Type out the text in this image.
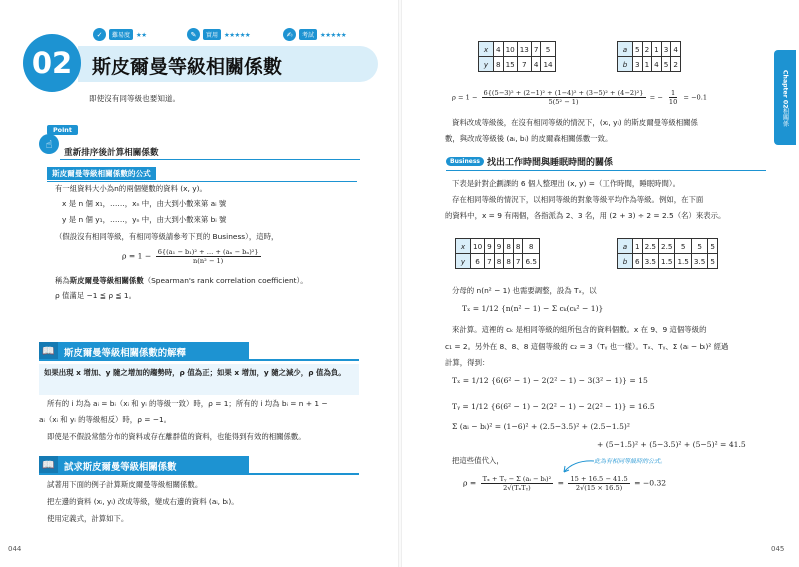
✓	難易度 ★★	✎	實用 ★★★★★	✍	考試 ★★★★★
斯皮爾曼等級相關係數
02
即使沒有同等級也要知道。
Point
☝
重新排序後計算相關係數
斯皮爾曼等級相關係數的公式
有一組資料大小為n的兩個變數的資料 (x, y)。
x 是 n 個 x₁，……，xₙ 中，由大到小數來第 aᵢ 號
y 是 n 個 y₁，……，yₙ 中，由大到小數來第 bᵢ 號
（假設沒有相同等級，有相同等級請參考下頁的 Business），這時，
$\rho = 1 - \frac{\text{6\{(a₁ − b₁)² + … + (aₙ − bₙ)²\}}}{\text{n(n² − 1)}}$
稱為斯皮爾曼等級相關係數（Spearman's rank correlation coefficient）。
ρ 值滿足 −1 ≦ ρ ≦ 1。
📖 斯皮爾曼等級相關係數的解釋
如果出現 x 增加、y 隨之增加的趨勢時，ρ 值為正；如果 x 增加，y 隨之減少，ρ 值為負。
所有的 i 均為 aᵢ = bᵢ（xᵢ 和 yᵢ 的等級一致）時，ρ = 1；所有的 i 均為 bᵢ = n + 1 −
aᵢ（xᵢ 和 yᵢ 的等級相反）時，ρ = −1。
即使是不假設常態分布的資料或存在離群值的資料，也能得到有效的相關係數。
📖 試求斯皮爾曼等級相關係數
試著用下面的例子計算斯皮爾曼等級相關係數。
把左邊的資料 (xᵢ, yᵢ) 改成等級，變成右邊的資料 (aᵢ, bᵢ)。
使用定義式，計算如下。
044
x	4	10	13	7	5
y	8	15	7	4	14
a	5	2	1	3	4
b	3	1	4	5	2
$\rho = 1 - \frac{\text{6\{(5−3)² + (2−1)² + (1−4)² + (3−5)² + (4−2)²\}}}{\text{5(5² − 1)}}$ = − $\frac{1}{10} = -0.1$
資料改成等級後，在沒有相同等級的情況下，(xᵢ, yᵢ) 的斯皮爾曼等級相關係
數，與改成等級後 (aᵢ, bᵢ) 的皮爾森相關係數一致。
Business 找出工作時間與睡眠時間的關係
下表是針對企劃課的 6 個人整理出 (x, y) =（工作時間，睡眠時間）。
存在相同等級的情況下，以相同等級的對象等級平均作為等級。例如，在下面
的資料中，x = 9 有兩個，各指派為 2、3 名，用 (2 + 3) ÷ 2 = 2.5（名）來表示。
x	10	9	9	8	8	8
y	6	7	8	8	7	6.5
a	1	2.5	2.5	5	5	5
b	6	3.5	1.5	1.5	3.5	5
分母的 n(n² − 1) 也需要調整，設為 Tₓ，以
Tₓ = 1/12 {n(n² − 1) − Σ cₖ(cₖ² − 1)}
來計算。這裡的 cₖ 是相同等級的組所包含的資料個數。x 在 9、9 這個等級的
c₁ = 2。另外在 8、8、8 這個等級的 c₂ = 3（Tᵧ 也一樣）。Tₓ、Tᵧ、Σ (aᵢ − bᵢ)² 經過
計算，得到：
Tₓ = 1/12 {6(6² − 1) − 2(2² − 1) − 3(3² − 1)} = 15
Tᵧ = 1/12 {6(6² − 1) − 2(2² − 1) − 2(2² − 1)} = 16.5
Σ (aᵢ − bᵢ)² = (1−6)² + (2.5−3.5)² + (2.5−1.5)²
+ (5−1.5)² + (5−3.5)² + (5−5)² = 41.5
把這些值代入，	此為有相同等級時的公式。
$\rho = \frac{\text{Tₓ + Tᵧ − Σ (aᵢ − bᵢ)²}}{\text{2√(TₓTᵧ)}} = \frac{15 + 16.5 - 41.5}{2√(15 \times 16.5)} = -0.32$
Chapter 02
相關係
045
